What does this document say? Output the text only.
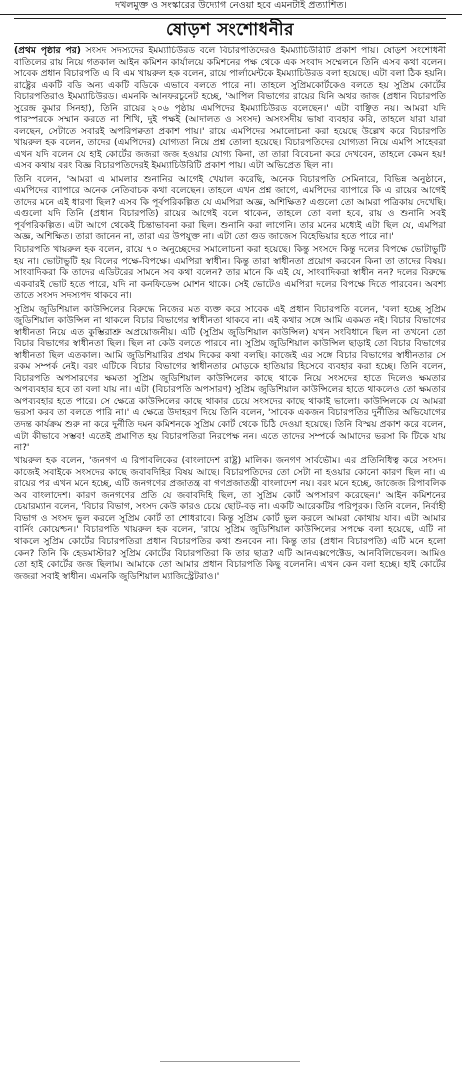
দখলমুক্ত ও সংস্কারের উদ্যোগ নেওয়া হবে এমনটাই প্রত্যাশিত।
ষোড়শ সংশোধনীর

(প্রথম পৃষ্ঠার পর) সংসদ সদস্যদের ইমম্যাচিউরড বলে বিচারপতিদেরও ইমম্যাচিউরিটি প্রকাশ পায়। ষোড়শ সংশোধনী বাতিলের রায় নিয়ে গতকাল আইন কমিশন কার্যালয়ে কমিশনের পক্ষ থেকে এক সংবাদ সম্মেলনে তিনি এসব কথা বলেন। সাবেক প্রধান বিচারপতি এ বি এম খায়রুল হক বলেন, রায়ে পার্লামেন্টকে ইমম্যাচিউরড বলা হয়েছে। এটা বলা ঠিক হয়নি। রাষ্ট্রের একটি বডি অন্য একটি বডিকে এভাবে বলতে পারে না। তাহলে সুপ্রিমকোর্টকেও বলতে হয় সুপ্রিম কোর্টের বিচারপতিরাও ইমম্যাচিউরড। এমনকি আনফরচুনেট হচ্ছে, 'আপিল বিভাগের রায়ের যিনি অথর জাজ (প্রধান বিচারপতি সুরেন্দ্র কুমার সিনহা), তিনি রায়ের ২০৬ পৃষ্ঠায় এমপিদের ইমম্যাচিউরড বলেছেন।' এটা বাঞ্ছিত নয়। আমরা যদি পারস্পরকে সম্মান করতে না শিখি, দুই পক্ষই (আদালত ও সংসদ) অসংসদীয় ভাষা ব্যবহার করি, তাহলে যারা যারা বলছেন, সেটাতে সবারই অপরিপক্বতা প্রকাশ পায়।' রায়ে এমপিদের সমালোচনা করা হয়েছে উল্লেখ করে বিচারপতি খায়রুল হক বলেন, তাদের (এমপিদের) যোগ্যতা নিয়ে প্রশ্ন তোলা হয়েছে। বিচারপতিদের যোগ্যতা নিয়ে এমপি সাহেবরা এখন যদি বলেন যে হাই কোর্টের জজরা জজ হওয়ার যোগ্য কিনা, তা তারা বিবেচনা করে দেখবেন, তাহলে কেমন হয়! এসব কথায় বরং বিজ্ঞ বিচারপতিদেরই ইমম্যাচিউরিটি প্রকাশ পায়। এটা অভিপ্রেত ছিল না।

তিনি বলেন, 'আমরা এ মামলার শুনানির আগেই খেয়াল করেছি, অনেক বিচারপতি সেমিনারে, বিভিন্ন অনুষ্ঠানে, এমপিদের ব্যাপারে অনেক নেতিবাচক কথা বলেছেন। তাহলে এখন প্রশ্ন জাগে, এমপিদের ব্যাপারে কি এ রায়ের আগেই তাদের মনে এই ধারণা ছিল? এসব কি পূর্বপরিকল্পিত যে এমপিরা অজ্ঞ, অশিক্ষিত? এগুলো তো আমরা পত্রিকায় দেখেছি। এগুলো যদি তিনি (প্রধান বিচারপতি) রায়ের আগেই বলে থাকেন, তাহলে তো বলা হবে, রায় ও শুনানি সবই পূর্বপরিকল্পিত। এটা আগে থেকেই চিন্তাভাবনা করা ছিল। শুনানি করা লাগেনি। তার মনের মধ্যেই এটা ছিল যে, এমপিরা অজ্ঞ, অশিক্ষিত। তারা জানেন না, তারা এর উপযুক্ত না। এটা তো গুড জাজেস বিহেভিয়ার হতে পারে না।'

বিচারপতি খায়রুল হক বলেন, রায়ে ৭০ অনুচ্ছেদের সমালোচনা করা হয়েছে। কিন্তু সংসদে কিন্তু দলের বিপক্ষে ভোটাভুটি হয় না। ভোটাভুটি হয় বিলের পক্ষে-বিপক্ষে। এমপিরা স্বাধীন। কিন্তু তারা স্বাধীনতা প্রয়োগ করবেন কিনা তা তাদের বিষয়। সাংবাদিকরা কি তাদের এডিটরের সামনে সব কথা বলেন? তার মানে কি এই যে, সাংবাদিকরা স্বাধীন নন? দলের বিরুদ্ধে একবারই ভোট হতে পারে, যদি না কনফিডেন্স মোশন থাকে। সেই ভোটেও এমপিরা দলের বিপক্ষে দিতে পারবেন। অবশ্য তাতে সংসদ সদস্যপদ থাকবে না।

সুপ্রিম জুডিশিয়াল কাউন্সিলের বিরুদ্ধে নিজের মত ব্যক্ত করে সাবেক এই প্রধান বিচারপতি বলেন, 'বলা হচ্ছে সুপ্রিম জুডিশিয়াল কাউন্সিল না থাকলে বিচার বিভাগের স্বাধীনতা থাকবে না। এই কথার সঙ্গে আমি একমত নই। বিচার বিভাগের স্বাধীনতা নিয়ে এত কুম্ভিরাশ্রু অপ্রয়োজনীয়। এটি (সুপ্রিম জুডিশিয়াল কাউন্সিল) যখন সংবিধানে ছিল না তখনো তো বিচার বিভাগের স্বাধীনতা ছিল। ছিল না কেউ বলতে পারবে না। সুপ্রিম জুডিশিয়াল কাউন্সিল ছাড়াই তো বিচার বিভাগের স্বাধীনতা ছিল এতকাল। আমি জুডিশিয়ারির প্রথম দিকের কথা বলছি। কাজেই এর সঙ্গে বিচার বিভাগের স্বাধীনতার সে রকম সম্পর্ক নেই। বরং এটিকে বিচার বিভাগের স্বাধীনতার মোড়কে হাতিয়ার হিসেবে ব্যবহার করা হচ্ছে। তিনি বলেন, বিচারপতি অপসারণের ক্ষমতা সুপ্রিম জুডিশিয়াল কাউন্সিলের কাছে থাকে নিয়ে সংসদের হাতে দিলেও ক্ষমতার অপব্যবহার হবে তা বলা যায় না। এটা (বিচারপতি অপসারণ) সুপ্রিম জুডিশিয়াল কাউন্সিলের হাতে থাকলেও তো ক্ষমতার অপব্যবহার হতে পারে। সে ক্ষেত্রে কাউন্সিলের কাছে থাকার চেয়ে সংসদের কাছে থাকাই ভালো। কাউন্সিলকে যে আমরা ভরসা করব তা বলতে পারি না।' এ ক্ষেত্রে উদাহরণ দিয়ে তিনি বলেন, 'সাবেক একজন বিচারপতির দুর্নীতির অভিযোগের তদন্ত কার্যক্রম শুরু না করে দুর্নীতি দমন কমিশনকে সুপ্রিম কোর্ট থেকে চিঠি দেওয়া হয়েছে। তিনি বিস্ময় প্রকাশ করে বলেন, এটা কীভাবে সম্ভব! এতেই প্রমাণিত হয় বিচারপতিরা নিরপেক্ষ নন। এতে তাদের সম্পর্কে আমাদের ভরসা কি টিকে যায় না?'

খায়রুল হক বলেন, 'জনগণ এ রিপাবলিকের (বাংলাদেশ রাষ্ট্র) মালিক। জনগণ সার্বভৌম। এর প্রতিনিধিত্ব করে সংসদ। কাজেই সবাইকে সংসদের কাছে জবাবদিহির বিষয় আছে। বিচারপতিদের তো সেটা না হওয়ার কোনো কারণ ছিল না। এ রায়ের পর এখন মনে হচ্ছে, এটি জনগণের প্রজাতন্ত্র বা গণপ্রজাতন্ত্রী বাংলাদেশ নয়। বরং মনে হচ্ছে, জাজেজ রিপাবলিক অব বাংলাদেশ। কারণ জনগণের প্রতি যে জবাবদিহি ছিল, তা সুপ্রিম কোর্ট অপসারণ করেছেন।' আইন কমিশনের চেয়ারম্যান বলেন, 'বিচার বিভাগ, সংসদ কেউ কারও চেয়ে ছোট-বড় না। একটি আরেকটির পরিপূরক। তিনি বলেন, নির্বাহী বিভাগ ও সংসদ ভুল করলে সুপ্রিম কোর্ট তা শোধরাবে। কিন্তু সুপ্রিম কোর্ট ভুল করলে আমরা কোথায় যাব। এটা আমার বার্নিং কোয়েশ্চন।' বিচারপতি খায়রুল হক বলেন, 'রায়ে সুপ্রিম জুডিশিয়াল কাউন্সিলের সপক্ষে বলা হয়েছে, এটি না থাকলে সুপ্রিম কোর্টের বিচারপতিরা প্রধান বিচারপতির কথা শুনবেন না। কিন্তু তার (প্রধান বিচারপতি) এটি মনে হলো কেন? তিনি কি হেডমাস্টার? সুপ্রিম কোর্টের বিচারপতিরা কি তার ছাত্র? এটি আনএক্সপেক্টেড, আনবিলিভেবল। আমিও তো হাই কোর্টের জজ ছিলাম। আমাকে তো আমার প্রধান বিচারপতি কিছু বলেননি। এখন কেন বলা হচ্ছে। হাই কোর্টের জজরা সবাই স্বাধীন। এমনকি জুডিশিয়াল ম্যাজিস্ট্রেটরাও।'
